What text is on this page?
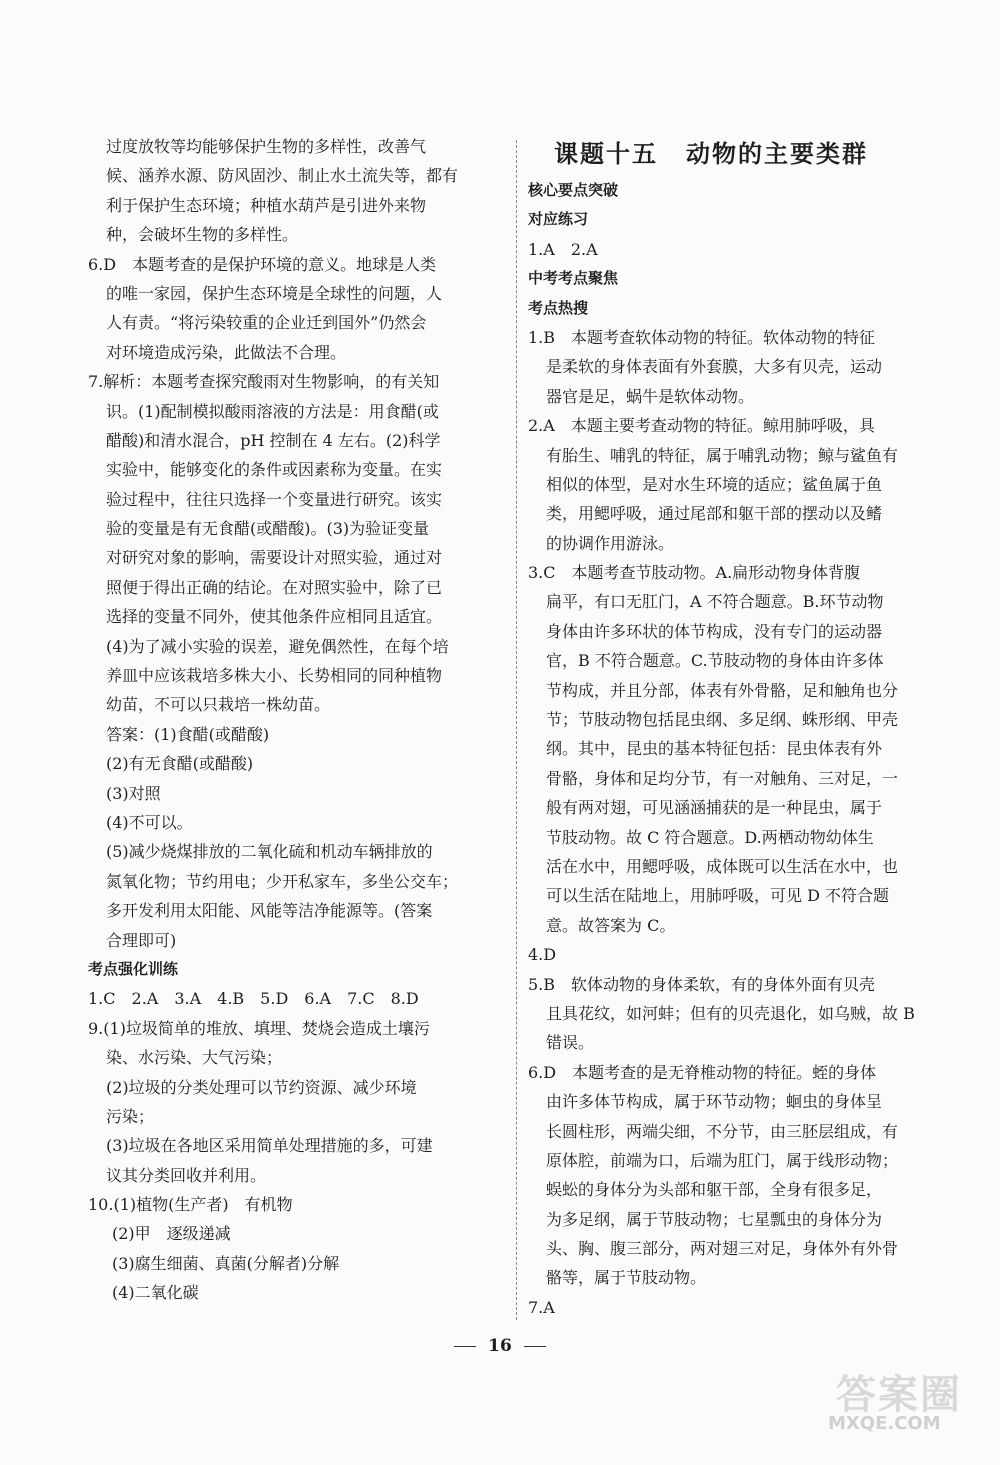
过度放牧等均能够保护生物的多样性，改善气
候、涵养水源、防风固沙、制止水土流失等，都有
利于保护生态环境；种植水葫芦是引进外来物
种，会破坏生物的多样性。
6.D　本题考查的是保护环境的意义。地球是人类
的唯一家园，保护生态环境是全球性的问题，人
人有责。“将污染较重的企业迁到国外”仍然会
对环境造成污染，此做法不合理。
7.解析：本题考查探究酸雨对生物影响，的有关知
识。(1)配制模拟酸雨溶液的方法是：用食醋(或
醋酸)和清水混合，pH 控制在 4 左右。(2)科学
实验中，能够变化的条件或因素称为变量。在实
验过程中，往往只选择一个变量进行研究。该实
验的变量是有无食醋(或醋酸)。(3)为验证变量
对研究对象的影响，需要设计对照实验，通过对
照便于得出正确的结论。在对照实验中，除了已
选择的变量不同外，使其他条件应相同且适宜。
(4)为了减小实验的误差，避免偶然性，在每个培
养皿中应该栽培多株大小、长势相同的同种植物
幼苗，不可以只栽培一株幼苗。
答案：(1)食醋(或醋酸)
(2)有无食醋(或醋酸)
(3)对照
(4)不可以。
(5)减少烧煤排放的二氧化硫和机动车辆排放的
氮氧化物；节约用电；少开私家车，多坐公交车；
多开发利用太阳能、风能等洁净能源等。(答案
合理即可)
考点强化训练
1.C　2.A　3.A　4.B　5.D　6.A　7.C　8.D
9.(1)垃圾简单的堆放、填埋、焚烧会造成土壤污
染、水污染、大气污染；
(2)垃圾的分类处理可以节约资源、减少环境
污染；
(3)垃圾在各地区采用简单处理措施的多，可建
议其分类回收并利用。
10.(1)植物(生产者)　有机物
(2)甲　逐级递减
(3)腐生细菌、真菌(分解者)分解
(4)二氧化碳
课题十五 动物的主要类群
核心要点突破
对应练习
1.A　2.A
中考考点聚焦
考点热搜
1.B　本题考查软体动物的特征。软体动物的特征
是柔软的身体表面有外套膜，大多有贝壳，运动
器官是足，蜗牛是软体动物。
2.A　本题主要考查动物的特征。鲸用肺呼吸，具
有胎生、哺乳的特征，属于哺乳动物；鲸与鲨鱼有
相似的体型，是对水生环境的适应；鲨鱼属于鱼
类，用鳃呼吸，通过尾部和躯干部的摆动以及鳍
的协调作用游泳。
3.C　本题考查节肢动物。A.扁形动物身体背腹
扁平，有口无肛门，A 不符合题意。B.环节动物
身体由许多环状的体节构成，没有专门的运动器
官，B 不符合题意。C.节肢动物的身体由许多体
节构成，并且分部，体表有外骨骼，足和触角也分
节；节肢动物包括昆虫纲、多足纲、蛛形纲、甲壳
纲。其中，昆虫的基本特征包括：昆虫体表有外
骨骼，身体和足均分节，有一对触角、三对足，一
般有两对翅，可见涵涵捕获的是一种昆虫，属于
节肢动物。故 C 符合题意。D.两栖动物幼体生
活在水中，用鳃呼吸，成体既可以生活在水中，也
可以生活在陆地上，用肺呼吸，可见 D 不符合题
意。故答案为 C。
4.D
5.B　软体动物的身体柔软，有的身体外面有贝壳
且具花纹，如河蚌；但有的贝壳退化，如乌贼，故 B
错误。
6.D　本题考查的是无脊椎动物的特征。蛭的身体
由许多体节构成，属于环节动物；蛔虫的身体呈
长圆柱形，两端尖细，不分节，由三胚层组成，有
原体腔，前端为口，后端为肛门，属于线形动物；
蜈蚣的身体分为头部和躯干部，全身有很多足，
为多足纲，属于节肢动物；七星瓢虫的身体分为
头、胸、腹三部分，两对翅三对足，身体外有外骨
骼等，属于节肢动物。
7.A
16
答案圈
MXQE.COM
